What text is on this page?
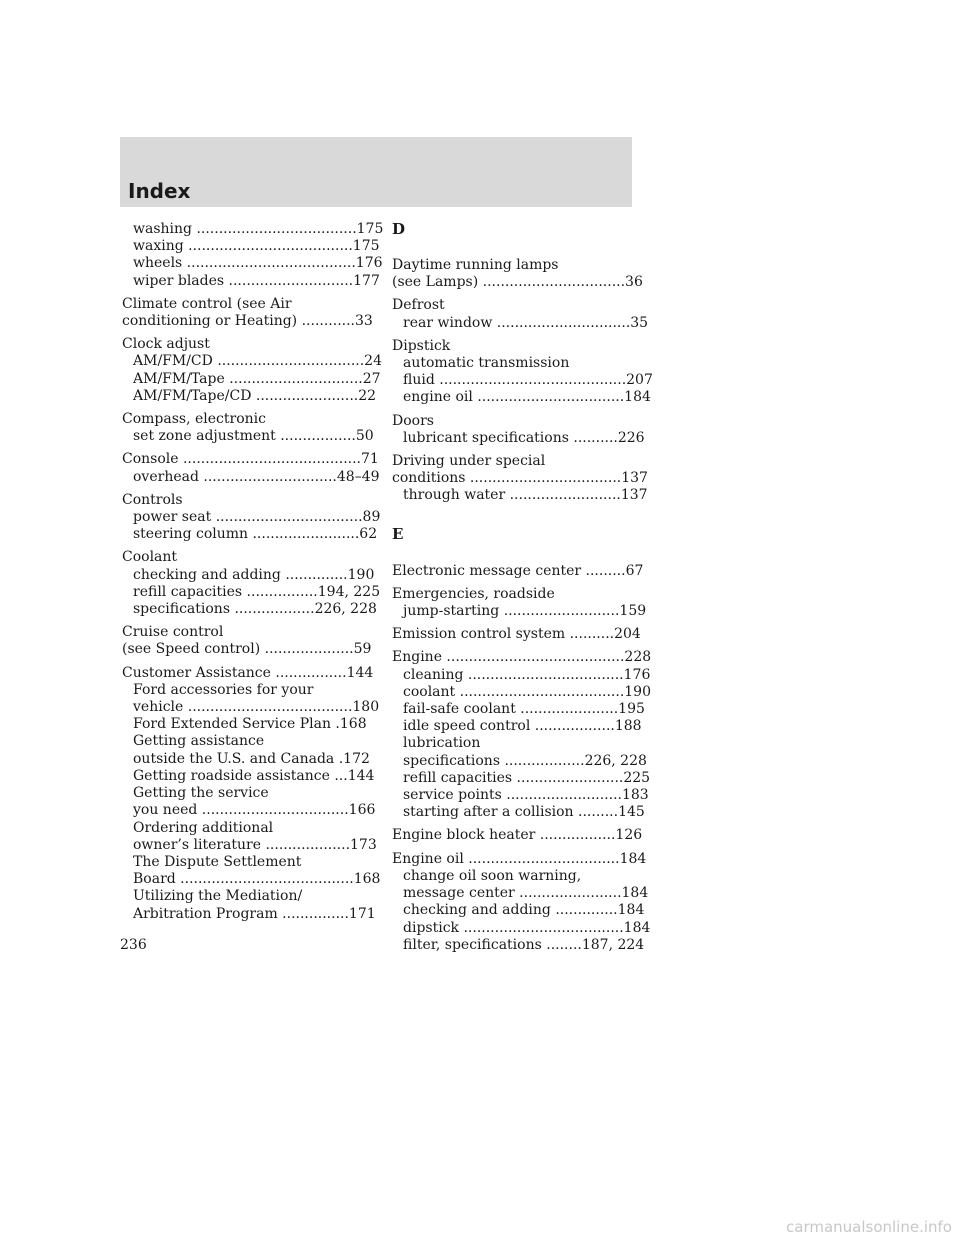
Index
washing ....................................175
waxing .....................................175
wheels ......................................176
wiper blades ............................177
Climate control (see Air
conditioning or Heating) ............33
Clock adjust
AM/FM/CD .................................24
AM/FM/Tape ..............................27
AM/FM/Tape/CD .......................22
Compass, electronic
set zone adjustment .................50
Console ........................................71
overhead ..............................48–49
Controls
power seat .................................89
steering column ........................62
Coolant
checking and adding ..............190
refill capacities ................194, 225
specifications ..................226, 228
Cruise control
(see Speed control) ....................59
Customer Assistance ................144
Ford accessories for your
vehicle .....................................180
Ford Extended Service Plan .168
Getting assistance
outside the U.S. and Canada .172
Getting roadside assistance ...144
Getting the service
you need .................................166
Ordering additional
owner’s literature ...................173
The Dispute Settlement
Board .......................................168
Utilizing the Mediation/
Arbitration Program ...............171
D
Daytime running lamps
(see Lamps) ................................36
Defrost
rear window ..............................35
Dipstick
automatic transmission
fluid ..........................................207
engine oil .................................184
Doors
lubricant specifications ..........226
Driving under special
conditions ..................................137
through water .........................137
E
Electronic message center .........67
Emergencies, roadside
jump-starting ..........................159
Emission control system ..........204
Engine ........................................228
cleaning ...................................176
coolant .....................................190
fail-safe coolant ......................195
idle speed control ..................188
lubrication
specifications ..................226, 228
refill capacities ........................225
service points ..........................183
starting after a collision .........145
Engine block heater .................126
Engine oil ..................................184
change oil soon warning,
message center .......................184
checking and adding ..............184
dipstick ....................................184
filter, specifications ........187, 224
236
carmanualsonline.info
